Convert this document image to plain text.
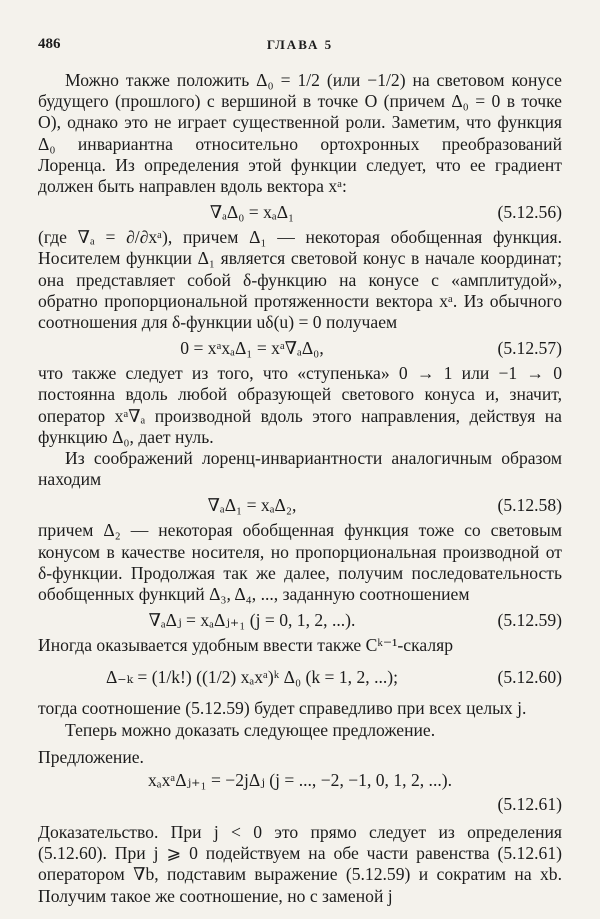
486	ГЛАВА 5

Можно также положить Δ₀ = 1/2 (или −1/2) на световом конусе будущего (прошлого) с вершиной в точке O (причем Δ₀ = 0 в точке O), однако это не играет существенной роли. Заметим, что функция Δ₀ инвариантна относительно ортохронных преобразований Лоренца. Из определения этой функции следует, что ее градиент должен быть направлен вдоль вектора xᵃ:

∇ₐΔ₀ = xₐΔ₁	(5.12.56)

(где ∇ₐ = ∂/∂xᵃ), причем Δ₁ — некоторая обобщенная функция. Носителем функции Δ₁ является световой конус в начале координат; она представляет собой δ-функцию на конусе с «амплитудой», обратно пропорциональной протяженности вектора xᵃ. Из обычного соотношения для δ-функции uδ(u) = 0 получаем

0 = xᵃxₐΔ₁ = xᵃ∇ₐΔ₀,	(5.12.57)

что также следует из того, что «ступенька» 0 → 1 или −1 → 0 постоянна вдоль любой образующей светового конуса и, значит, оператор xᵃ∇ₐ производной вдоль этого направления, действуя на функцию Δ₀, дает нуль.

Из соображений лоренц-инвариантности аналогичным образом находим

∇ₐΔ₁ = xₐΔ₂,	(5.12.58)

причем Δ₂ — некоторая обобщенная функция тоже со световым конусом в качестве носителя, но пропорциональная производной от δ-функции. Продолжая так же далее, получим последовательность обобщенных функций Δ₃, Δ₄, ..., заданную соотношением

∇ₐΔⱼ = xₐΔⱼ₊₁ (j = 0, 1, 2, ...).	(5.12.59)

Иногда оказывается удобным ввести также Cᵏ⁻¹-скаляр

Δ₋ₖ = (1/k!) ((1/2) xₐxᵃ)ᵏ Δ₀ (k = 1, 2, ...);	(5.12.60)

тогда соотношение (5.12.59) будет справедливо при всех целых j.

Теперь можно доказать следующее предложение.

Предложение.

xₐxᵃΔⱼ₊₁ = −2jΔⱼ (j = ..., −2, −1, 0, 1, 2, ...).
(5.12.61)

Доказательство. При j < 0 это прямо следует из определения (5.12.60). При j ⩾ 0 подействуем на обе части равенства (5.12.61) оператором ∇b, подставим выражение (5.12.59) и сократим на xb. Получим такое же соотношение, но с заменой j
